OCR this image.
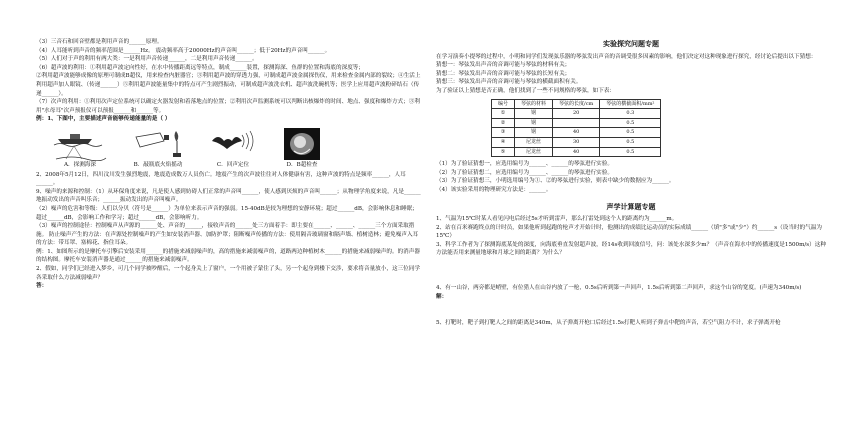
（3）三音石和回音壁都是利用声音的______原理。

（4）人耳能听到声音的频率范围是______Hz。 震动频率高于20000Hz的声音叫______；低于20Hz的声音叫______。

（5）人们对于声的利用有两大类：一是利用声音传递______，二是利用声音传递______。

（6）超声波的利用：①利用超声波定向性好，在水中传播距离远等特点，制成______装置，探测海深、鱼群的位置和海底的深度等；

②利用超声波能够成像的原理可制成B超仪，用来检查内脏器官；③利用超声波的穿透力强，可制成超声波金属探伤仪，用来检查金属内部的裂纹；④生活上利用超声加人眼镜、（传递______）⑤利用超声波能量集中的特点可产生剧烈振动，可制成超声波洗衣机、超声波洗碗机等；医学上应用超声波粉碎结石（传递______）。

（7）次声的利用：①利用次声定位系统可以确定火器发射和着落地点的位置；②利用次声监测系统可以判断出核爆炸的时间、地点、强度和爆炸方式；③利用"水母耳"次声预报仪可以预报______和______等。

例：1、下图中，主要描述声音能够传递能量的是（ ）

A．探测海深	B．敲瓶底火焰摇动	C．回声定位	D．B超检查

2、2008年5月12日，四川汶川发生强烈地震，地震造成数万人员伤亡。地震产生的次声波往往对人体健康有害，这种声波的特点是频率______，人耳______。

9、噪声的来源和控制：（1）从环保角度来说，凡是使人感到妨碍人们正常的声音叫______，使人感到厌烦的声音叫______；从物理学角度来说，凡是______地振动发出的声音叫乐音；______振动发出的声音叫噪声。

（2）噪声的危害和等级：人们以分贝（符号是______）为单位来表示声音的强弱。15-40dB是较为理想的安静环境；超过______dB，会影响休息和睡眠；超过______dB，会影响工作和学习；超过______dB，会影响听力。

（3）噪声的控制途径：控制噪声从声源的______处、声音的______，接收声音的______处三方面着手：即主要在______、______、______三个方面采取措施。 防止噪声产生的方法：在声源处控制噪声的产生如安装消声器、加防护罩；阻断噪声传播的方法：使用隔音玻璃窗和隔声墙、植树造林；避免噪声入耳的方法：带耳罩、塞棉花、指住耳朵。

例：1、如图所示的是摩托车引擎后安装采用______的措施来减弱噪声的，高的措施来减弱噪声的，道路两边种植树木______的措施来减弱噪声的。的消声器的结构图。摩托车安装消声器是通过______的措施来减弱噪声。

2、假如，同学们已经进入梦乡，可几个同学被吵醒后，一个起身关上了窗户，一个用被子蒙住了头，另一个起身到楼下交涉，要求将音量放小，这三位同学各采取什么方法减弱噪声？

答：

实验探究问题专题

在学习演奏小提琴的过程中，小明和同学们发现弦乐器的琴弦发出声音的音调受很多因素的影响，他们决定对这种现象进行探究，经讨论后提出以下猜想：

猜想一：琴弦发出声音的音调可能与琴弦的材料有关；

猜想二：琴弦发出声音的音调可能与琴弦的长短有关；

猜想三：琴弦发出声音的音调可能与琴弦的横截面积有关。

为了验证以上猜想是否正确，他们找到了一些不同规格的琴弦，如下表：

编号	琴弦的材料	琴弦的长度/cm	琴弦的横截面积/mm²
①	钢	20	0.3
②	钢		0.5
③	钢	40	0.5
④	尼龙丝	30	0.5
⑤	尼龙丝	40	0.5

（1）为了验证猜想一，应选用编号为______、______的琴弦进行实验。

（2）为了验证猜想二，应选用编号为______、______的琴弦进行实验。

（3）为了验证猜想三，小明选用编号为①、②的琴弦进行实验，则表中缺少的数据应为______。

（4）该实验采用的物理研究方法是：______。

声学计算题专题

1、气温为15℃时某人看见闪电后经过5s才听到雷声，那么打雷处到这个人的距离约为______m。

2、站在百米赛跑终点的计时员，如果他听到起跑的枪声才开始计时，他测出的成绩比运动员的实际成绩______（填"多"或"少"）约______s（设当时的气温为15℃）

3、科学工作者为了探测海底某处的深度，向海底垂直发射超声波，经14s收到回波信号，问：该处水深多少m？（声音在海水中的传播速度是1500m/s）这种方法能否用来测量地球和月球之间的距离？为什么？

4、有一山谷，两旁都是峭壁，有位猎人在山谷内放了一枪，0.5s后听到第一声回声，1.5s后听到第二声回声，求这个山谷的宽度。(声速为340m/s)

解：

5、打靶时，靶子到打靶人之间的距离是340m，从子弹离开枪口后经过1.5s打靶人听到子弹击中靶的声音，若空气阻力不计，求子弹离开枪
